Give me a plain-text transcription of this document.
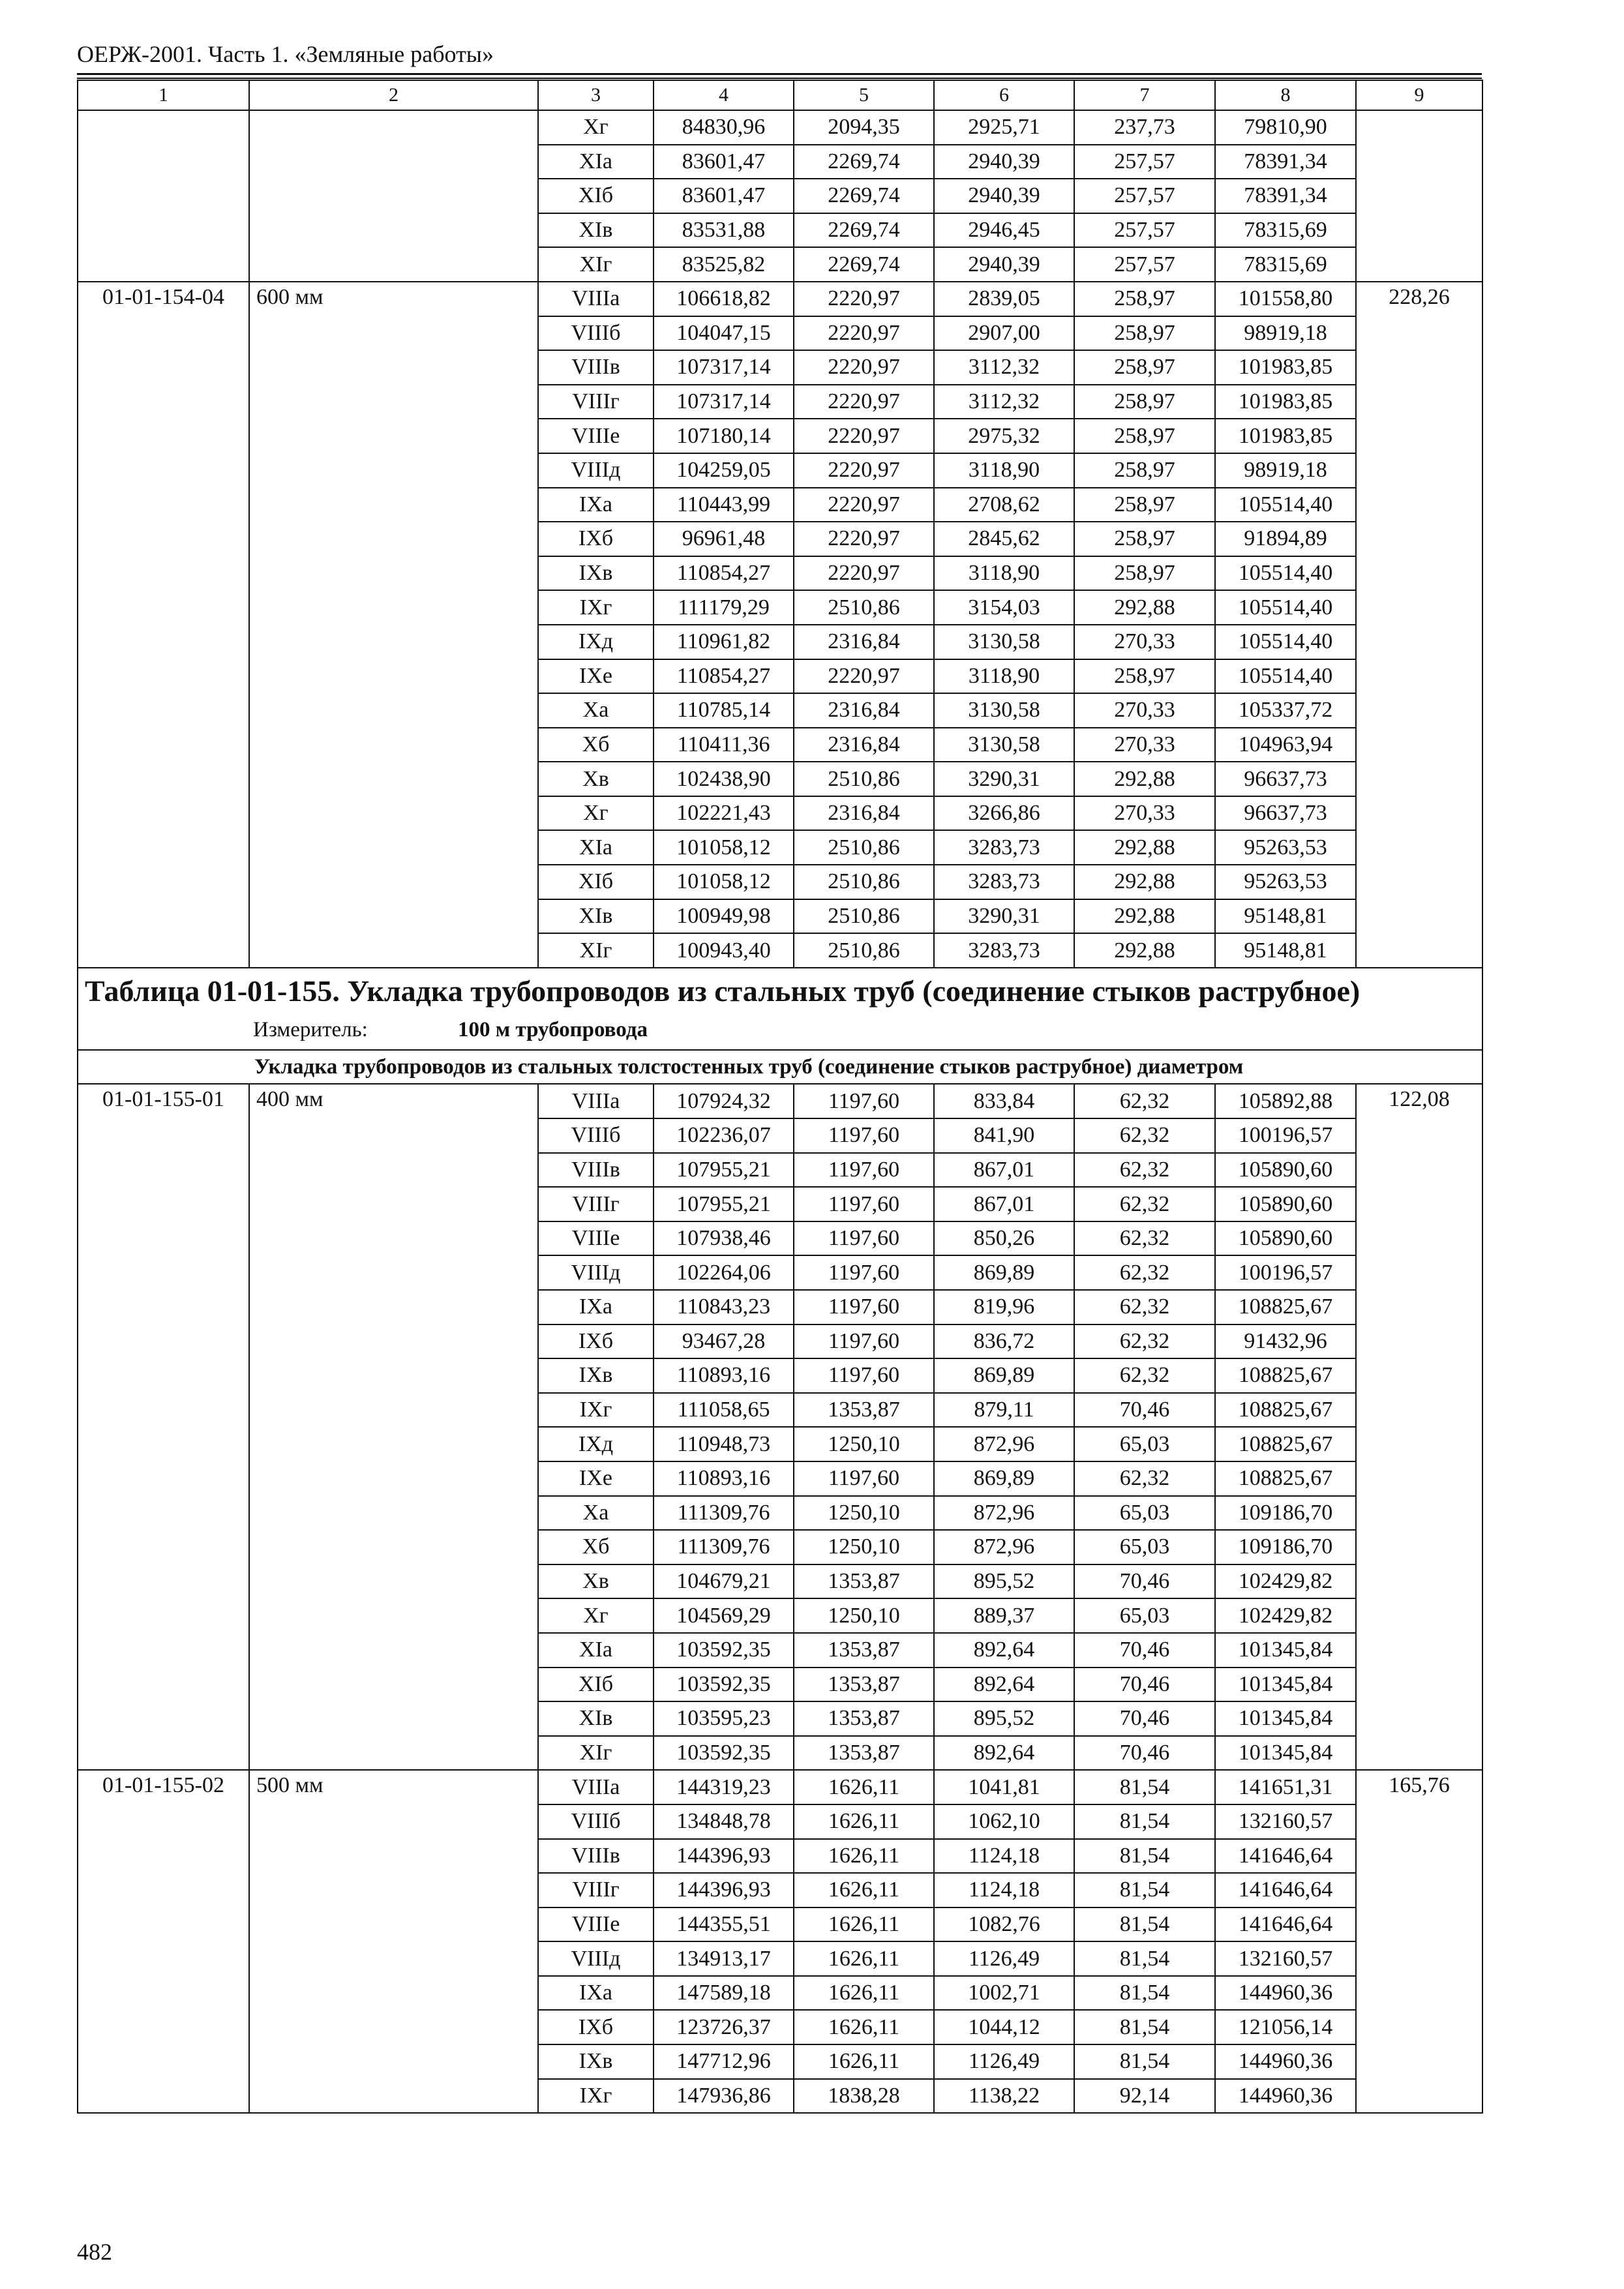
ОЕРЖ-2001. Часть 1. «Земляные работы»
1	2	3	4	5	6	7	8	9
		Xг	84830,96	2094,35	2925,71	237,73	79810,90	
		XIа	83601,47	2269,74	2940,39	257,57	78391,34	
		XIб	83601,47	2269,74	2940,39	257,57	78391,34	
		XIв	83531,88	2269,74	2946,45	257,57	78315,69	
		XIг	83525,82	2269,74	2940,39	257,57	78315,69	
01-01-154-04	600 мм	VIIIа	106618,82	2220,97	2839,05	258,97	101558,80	228,26
		VIIIб	104047,15	2220,97	2907,00	258,97	98919,18	
		VIIIв	107317,14	2220,97	3112,32	258,97	101983,85	
		VIIIг	107317,14	2220,97	3112,32	258,97	101983,85	
		VIIIе	107180,14	2220,97	2975,32	258,97	101983,85	
		VIIIд	104259,05	2220,97	3118,90	258,97	98919,18	
		IXа	110443,99	2220,97	2708,62	258,97	105514,40	
		IXб	96961,48	2220,97	2845,62	258,97	91894,89	
		IXв	110854,27	2220,97	3118,90	258,97	105514,40	
		IXг	111179,29	2510,86	3154,03	292,88	105514,40	
		IXд	110961,82	2316,84	3130,58	270,33	105514,40	
		IXе	110854,27	2220,97	3118,90	258,97	105514,40	
		Xа	110785,14	2316,84	3130,58	270,33	105337,72	
		Xб	110411,36	2316,84	3130,58	270,33	104963,94	
		Xв	102438,90	2510,86	3290,31	292,88	96637,73	
		Xг	102221,43	2316,84	3266,86	270,33	96637,73	
		XIа	101058,12	2510,86	3283,73	292,88	95263,53	
		XIб	101058,12	2510,86	3283,73	292,88	95263,53	
		XIв	100949,98	2510,86	3290,31	292,88	95148,81	
		XIг	100943,40	2510,86	3283,73	292,88	95148,81	

Таблица 01-01-155. Укладка трубопроводов из стальных труб (соединение стыков раструбное)
Измеритель: 100 м трубопровода								

Укладка трубопроводов из стальных толстостенных труб (соединение стыков раструбное) диаметром								
01-01-155-01	400 мм	VIIIа	107924,32	1197,60	833,84	62,32	105892,88	122,08
		VIIIб	102236,07	1197,60	841,90	62,32	100196,57	
		VIIIв	107955,21	1197,60	867,01	62,32	105890,60	
		VIIIг	107955,21	1197,60	867,01	62,32	105890,60	
		VIIIе	107938,46	1197,60	850,26	62,32	105890,60	
		VIIIд	102264,06	1197,60	869,89	62,32	100196,57	
		IXа	110843,23	1197,60	819,96	62,32	108825,67	
		IXб	93467,28	1197,60	836,72	62,32	91432,96	
		IXв	110893,16	1197,60	869,89	62,32	108825,67	
		IXг	111058,65	1353,87	879,11	70,46	108825,67	
		IXд	110948,73	1250,10	872,96	65,03	108825,67	
		IXе	110893,16	1197,60	869,89	62,32	108825,67	
		Xа	111309,76	1250,10	872,96	65,03	109186,70	
		Xб	111309,76	1250,10	872,96	65,03	109186,70	
		Xв	104679,21	1353,87	895,52	70,46	102429,82	
		Xг	104569,29	1250,10	889,37	65,03	102429,82	
		XIа	103592,35	1353,87	892,64	70,46	101345,84	
		XIб	103592,35	1353,87	892,64	70,46	101345,84	
		XIв	103595,23	1353,87	895,52	70,46	101345,84	
		XIг	103592,35	1353,87	892,64	70,46	101345,84	
01-01-155-02	500 мм	VIIIа	144319,23	1626,11	1041,81	81,54	141651,31	165,76
		VIIIб	134848,78	1626,11	1062,10	81,54	132160,57	
		VIIIв	144396,93	1626,11	1124,18	81,54	141646,64	
		VIIIг	144396,93	1626,11	1124,18	81,54	141646,64	
		VIIIе	144355,51	1626,11	1082,76	81,54	141646,64	
		VIIIд	134913,17	1626,11	1126,49	81,54	132160,57	
		IXа	147589,18	1626,11	1002,71	81,54	144960,36	
		IXб	123726,37	1626,11	1044,12	81,54	121056,14	
		IXв	147712,96	1626,11	1126,49	81,54	144960,36	
		IXг	147936,86	1838,28	1138,22	92,14	144960,36	
482
